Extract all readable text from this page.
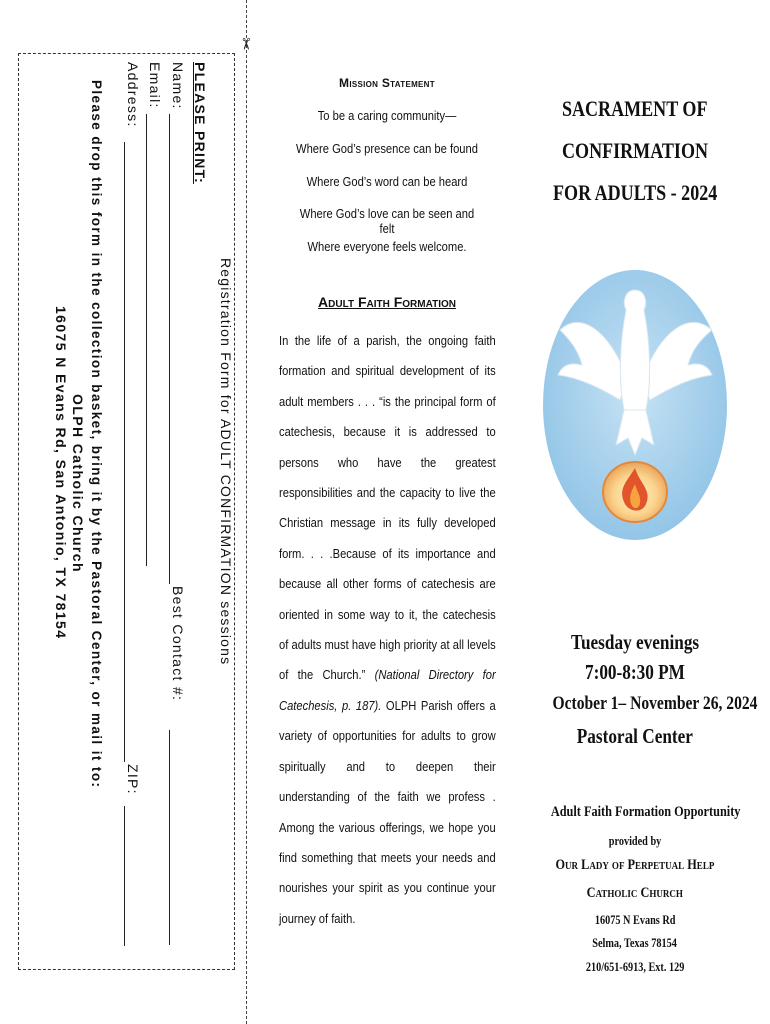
✂
Registration Form for ADULT CONFIRMATION sessions
PLEASE PRINT:
Name:
Best Contact #:
Email:
Address:
ZIP:
Please drop this form in the collection basket, bring it by the Pastoral Center, or mail it to:
OLPH Catholic Church
16075 N Evans Rd, San Antonio, TX 78154
Mission Statement
To be a caring community—
Where God’s presence can be found
Where God’s word can be heard
Where God’s love can be seen and felt
Where everyone feels welcome.
Adult Faith Formation
In the life of a parish, the ongoing faith formation and spiritual development of its adult members . . . “is the principal form of catechesis, because it is addressed to persons who have the greatest responsibilities and the capacity to live the Christian message in its fully developed form. . . .Because of its importance and because all other forms of catechesis are oriented in some way to it, the catechesis of adults must have high priority at all levels of the Church.” (National Directory for Catechesis, p. 187). OLPH Parish offers a variety of opportunities for adults to grow spiritually and to deepen their understanding of the faith we profess . Among the various offerings, we hope you find something that meets your needs and nourishes your spirit as you continue your journey of faith.
SACRAMENT OF
CONFIRMATION
FOR ADULTS - 2024
Tuesday evenings
7:00-8:30 PM
October 1– November 26, 2024
Pastoral Center
Adult Faith Formation Opportunity
provided by
Our Lady of Perpetual Help
Catholic Church
16075 N Evans Rd
Selma, Texas 78154
210/651-6913, Ext. 129
